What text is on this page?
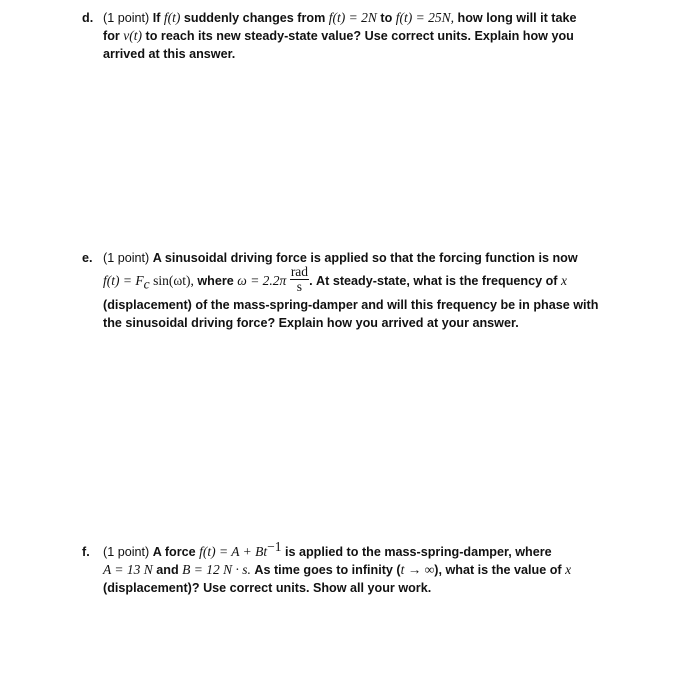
d. (1 point) If f(t) suddenly changes from f(t) = 2N to f(t) = 25N, how long will it take
for v(t) to reach its new steady-state value? Use correct units. Explain how you
arrived at this answer.
e. (1 point) A sinusoidal driving force is applied so that the forcing function is now
$f(t) = F_c$ sin(ωt), where $\omega = 2.2\pi \frac{\text{rad}}{s}$ . At steady-state, what is the frequency of x
(displacement) of the mass-spring-damper and will this frequency be in phase with
the sinusoidal driving force? Explain how you arrived at your answer.
f. (1 point) A force $f(t) = A + Bt^{-1}$ is applied to the mass-spring-damper, where
A = 13 N and B = 12 N · s. As time goes to infinity (t → ∞), what is the value of x
(displacement)? Use correct units. Show all your work.
